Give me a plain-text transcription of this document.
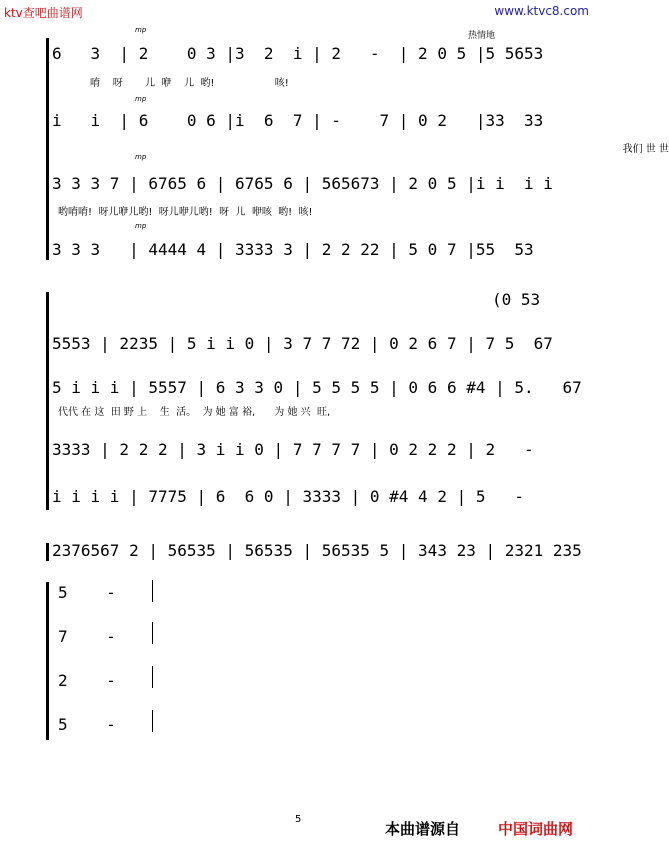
ktv查吧曲谱网	www.ktvc8.com
热情地
mp
mp
mp
mp
6   3  | 2    0 3 |3  2  i | 2   -  | 2 0 5 |5 5653
唷    呀       儿  咿    儿  哟!                   咳!
i   i  | 6    0 6 |i  6  7 | -    7 | 0 2   |33  33
我们 世 世
3 3 3 7 | 6765 6 | 6765 6 | 565673 | 2 0 5 |i i  i i
哟唷唷!  呀儿咿儿哟!  呀儿咿儿哟!  呀  儿  咿咳  哟!  咳!
3 3 3   | 4444 4 | 3333 3 | 2 2 22 | 5 0 7 |55  53
(0 53
5553 | 2235 | 5 i i 0 | 3 7 7 72 | 0 2 6 7 | 7 5  67
5 i i i | 5557 | 6 3 3 0 | 5 5 5 5 | 0 6 6 #4 | 5.   67
代代 在 这  田 野 上    生  活。  为 她 富 裕,      为 她 兴  旺,
3333 | 2 2 2 | 3 i i 0 | 7 7 7 7 | 0 2 2 2 | 2   -
i i i i | 7775 | 6  6 0 | 3333 | 0 #4 4 2 | 5   -
2376567 2 | 56535 | 56535 | 56535 5 | 343 23 | 2321 235
5    -
7    -
2    -
5    -
5
本曲谱源自	中国词曲网
